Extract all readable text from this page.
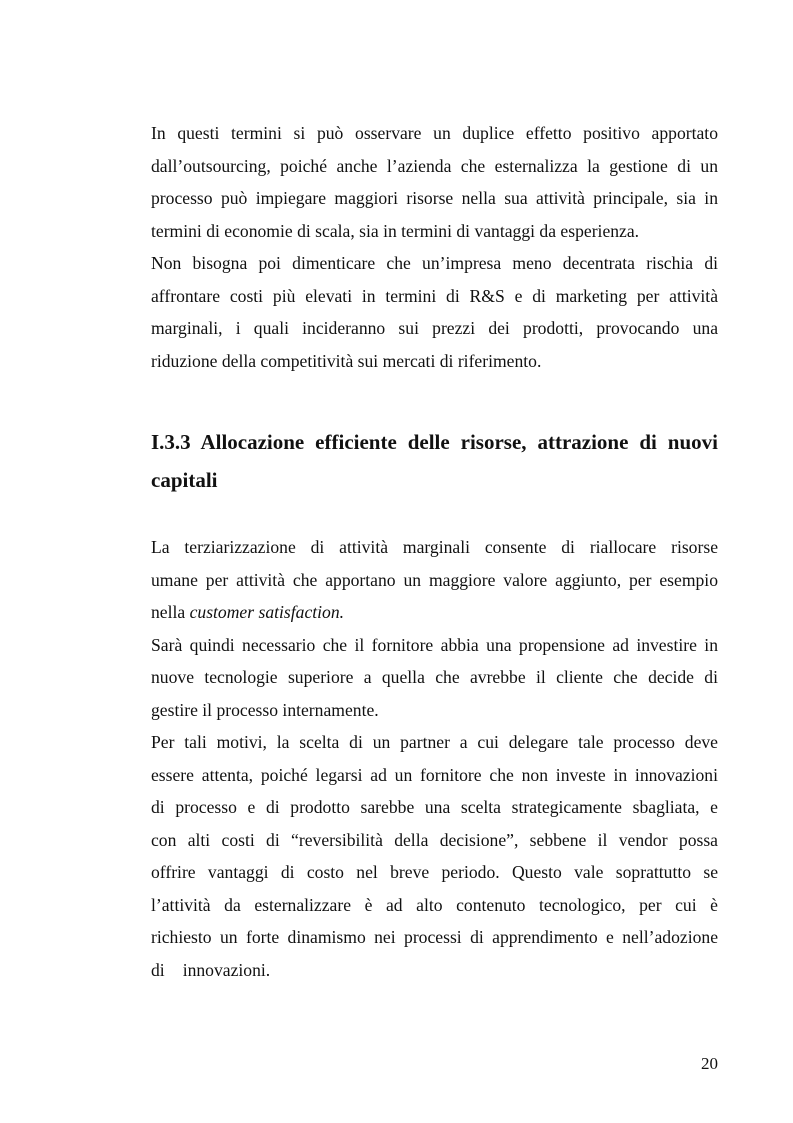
In questi termini si può osservare un duplice effetto positivo apportato
dall’outsourcing, poiché anche l’azienda che esternalizza la gestione di un
processo può impiegare maggiori risorse nella sua attività principale, sia in
termini di economie di scala, sia in termini di vantaggi da esperienza.
Non bisogna poi dimenticare che un’impresa meno decentrata rischia di
affrontare costi più elevati in termini di R&S e di marketing per attività
marginali, i quali incideranno sui prezzi dei prodotti, provocando una
riduzione della competitività sui mercati di riferimento.
I.3.3 Allocazione efficiente delle risorse, attrazione di nuovi
capitali
La terziarizzazione di attività marginali consente di riallocare risorse
umane per attività che apportano un maggiore valore aggiunto, per esempio
nella customer satisfaction.
Sarà quindi necessario che il fornitore abbia una propensione ad investire in
nuove tecnologie superiore a quella che avrebbe il cliente che decide di
gestire il processo internamente.
Per tali motivi, la scelta di un partner a cui delegare tale processo deve
essere attenta, poiché legarsi ad un fornitore che non investe in innovazioni
di processo e di prodotto sarebbe una scelta strategicamente sbagliata, e
con alti costi di “reversibilità della decisione”, sebbene il vendor possa
offrire vantaggi di costo nel breve periodo. Questo vale soprattutto se
l’attività da esternalizzare è ad alto contenuto tecnologico, per cui è
richiesto un forte dinamismo nei processi di apprendimento e nell’adozione
di innovazioni.
20
